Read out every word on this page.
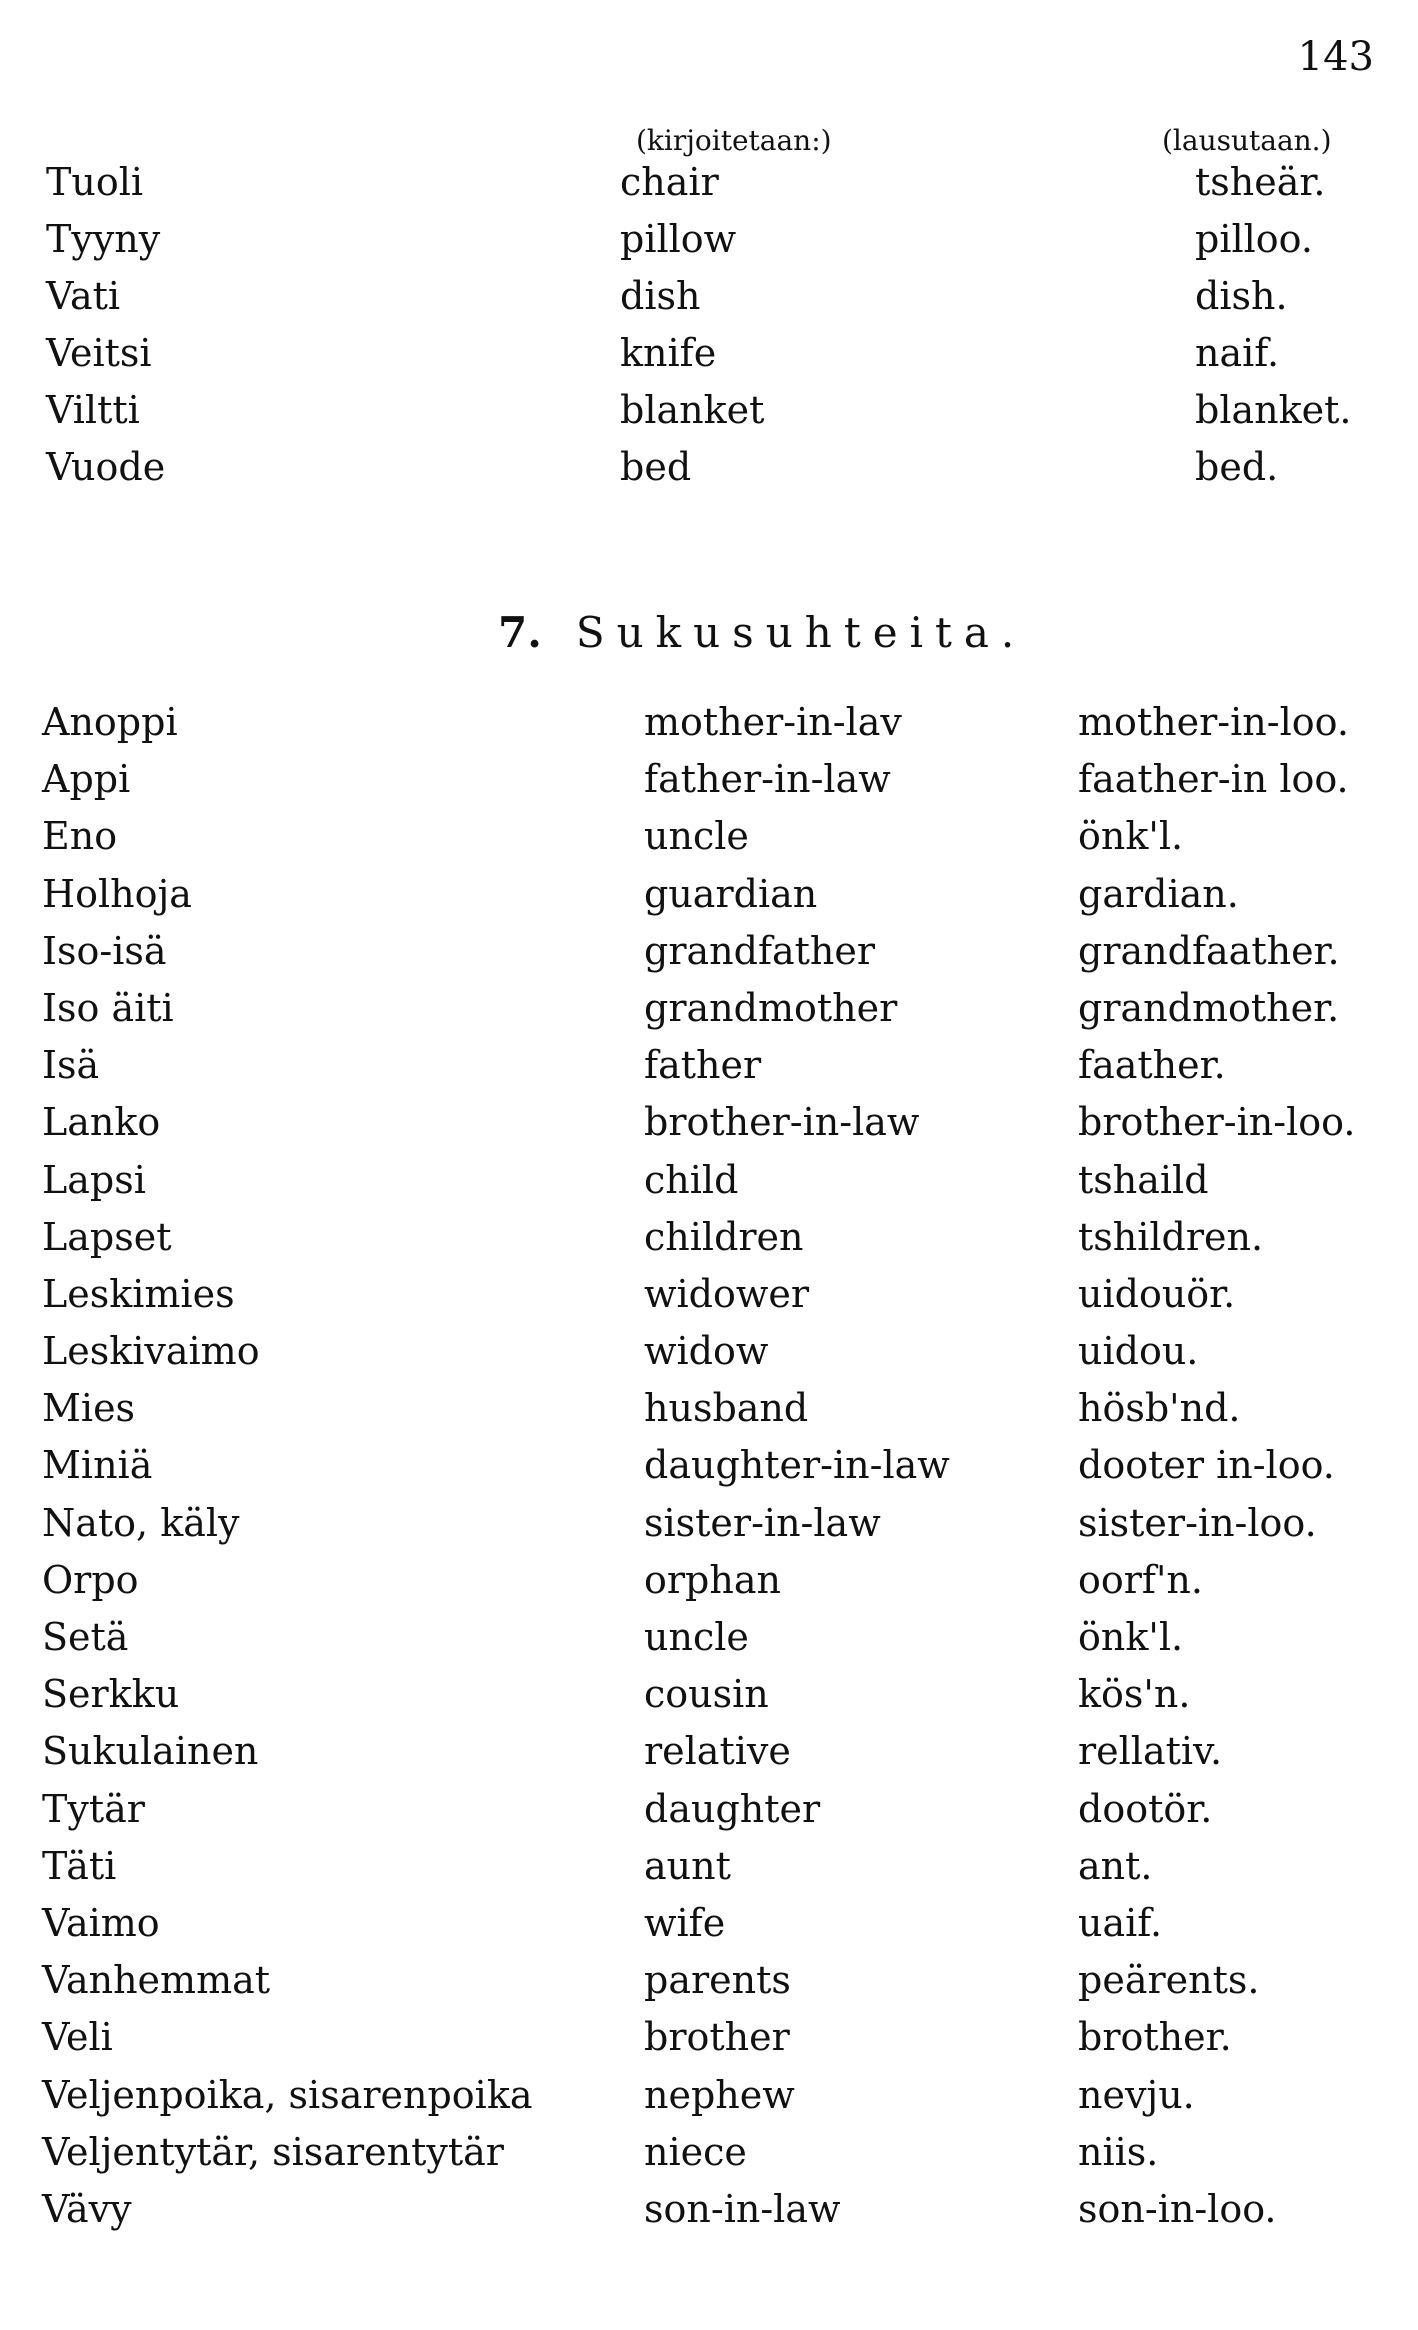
143
(kirjoitetaan:)	(lausutaan.)
Tuoli	chair	tsheär.
Tyyny	pillow	pilloo.
Vati	dish	dish.
Veitsi	knife	naif.
Viltti	blanket	blanket.
Vuode	bed	bed.
7. Sukusuhteita.
Anoppi	mother-in-lav	mother-in-loo.
Appi	father-in-law	faather-in loo.
Eno	uncle	önk'l.
Holhoja	guardian	gardian.
Iso-isä	grandfather	grandfaather.
Iso äiti	grandmother	grandmother.
Isä	father	faather.
Lanko	brother-in-law	brother-in-loo.
Lapsi	child	tshaild
Lapset	children	tshildren.
Leskimies	widower	uidouör.
Leskivaimo	widow	uidou.
Mies	husband	hösb'nd.
Miniä	daughter-in-law	dooter in-loo.
Nato, käly	sister-in-law	sister-in-loo.
Orpo	orphan	oorf'n.
Setä	uncle	önk'l.
Serkku	cousin	kös'n.
Sukulainen	relative	rellativ.
Tytär	daughter	dootör.
Täti	aunt	ant.
Vaimo	wife	uaif.
Vanhemmat	parents	peärents.
Veli	brother	brother.
Veljenpoika, sisarenpoika	nephew	nevju.
Veljentytär, sisarentytär	niece	niis.
Vävy	son-in-law	son-in-loo.
